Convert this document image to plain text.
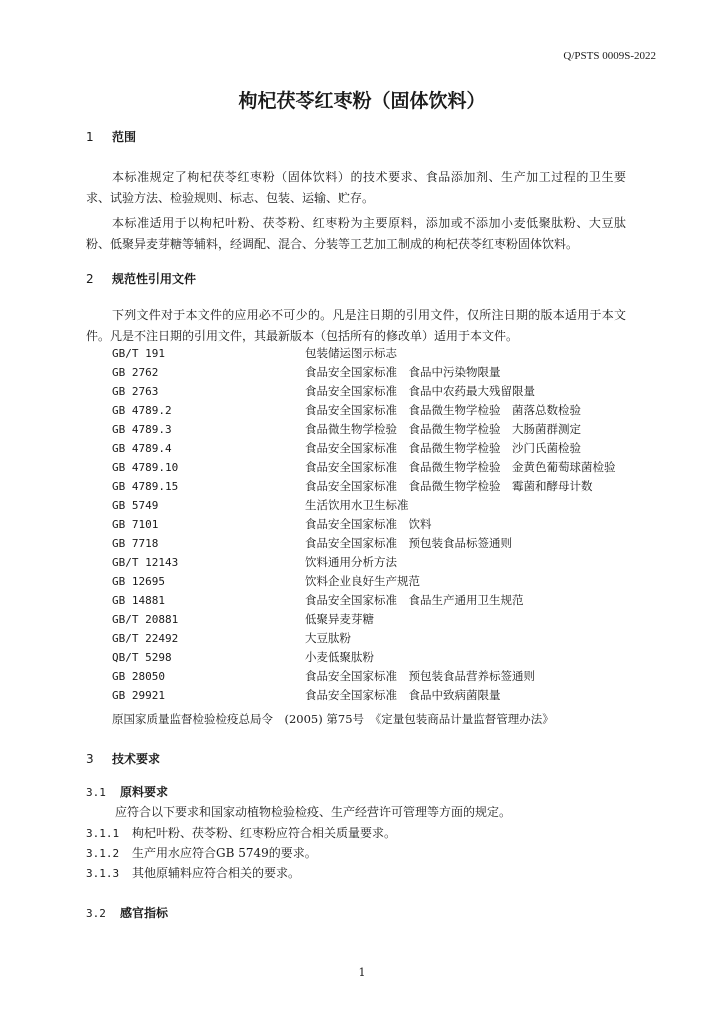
Q/PSTS 0009S-2022
枸杞茯苓红枣粉（固体饮料）
1 范围
本标准规定了枸杞茯苓红枣粉（固体饮料）的技术要求、食品添加剂、生产加工过程的卫生要求、试验方法、检验规则、标志、包装、运输、贮存。
本标准适用于以枸杞叶粉、茯苓粉、红枣粉为主要原料，添加或不添加小麦低聚肽粉、大豆肽粉、低聚异麦芽糖等辅料，经调配、混合、分装等工艺加工制成的枸杞茯苓红枣粉固体饮料。
2 规范性引用文件
下列文件对于本文件的应用必不可少的。凡是注日期的引用文件，仅所注日期的版本适用于本文件。凡是不注日期的引用文件，其最新版本（包括所有的修改单）适用于本文件。
GB/T 191	包装储运图示标志
GB 2762	食品安全国家标准　食品中污染物限量
GB 2763	食品安全国家标准　食品中农药最大残留限量
GB 4789.2	食品安全国家标准　食品微生物学检验　菌落总数检验
GB 4789.3	食品微生物学检验　食品微生物学检验　大肠菌群测定
GB 4789.4	食品安全国家标准　食品微生物学检验　沙门氏菌检验
GB 4789.10	食品安全国家标准　食品微生物学检验　金黄色葡萄球菌检验
GB 4789.15	食品安全国家标准　食品微生物学检验　霉菌和酵母计数
GB 5749	生活饮用水卫生标准
GB 7101	食品安全国家标准　饮料
GB 7718	食品安全国家标准　预包装食品标签通则
GB/T 12143	饮料通用分析方法
GB 12695	饮料企业良好生产规范
GB 14881	食品安全国家标准　食品生产通用卫生规范
GB/T 20881	低聚异麦芽糖
GB/T 22492	大豆肽粉
QB/T 5298	小麦低聚肽粉
GB 28050	食品安全国家标准　预包装食品营养标签通则
GB 29921	食品安全国家标准　食品中致病菌限量
原国家质量监督检验检疫总局令　(2005) 第75号　《定量包装商品计量监督管理办法》
3 技术要求
3.1 原料要求
应符合以下要求和国家动植物检验检疫、生产经营许可管理等方面的规定。
3.1.1 枸杞叶粉、茯苓粉、红枣粉应符合相关质量要求。
3.1.2 生产用水应符合GB 5749的要求。
3.1.3 其他原辅料应符合相关的要求。
3.2 感官指标
1
